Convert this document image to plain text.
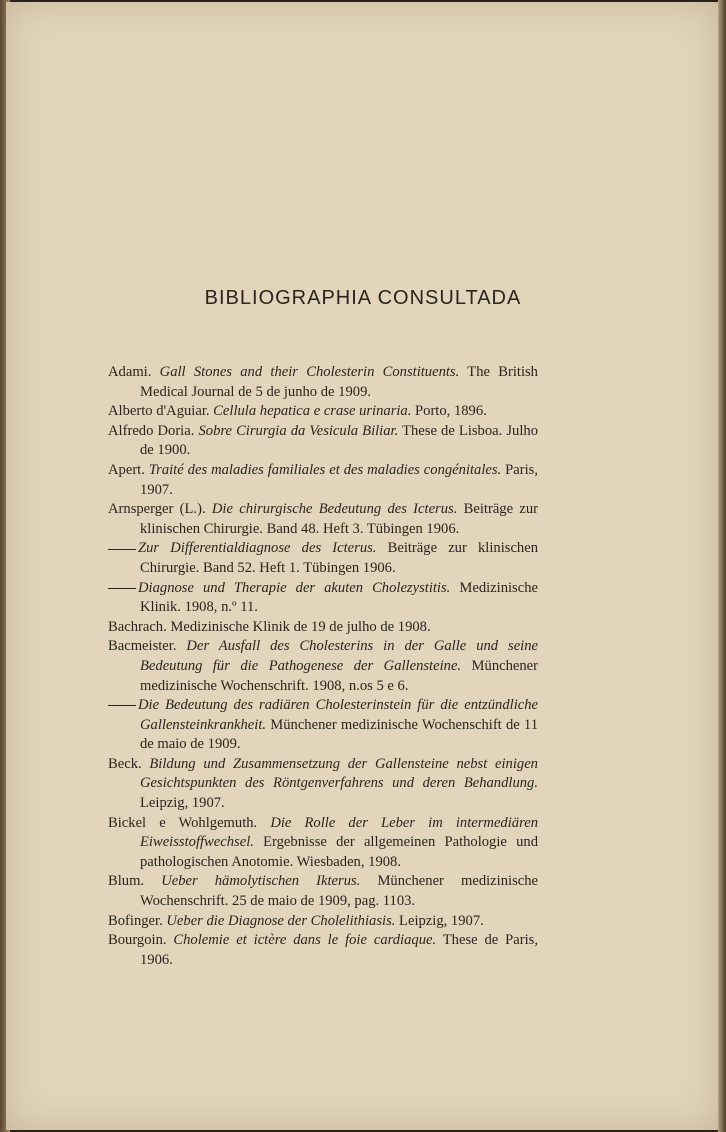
BIBLIOGRAPHIA CONSULTADA
Adami. Gall Stones and their Cholesterin Constituents. The British Medical Journal de 5 de junho de 1909.
Alberto d'Aguiar. Cellula hepatica e crase urinaria. Porto, 1896.
Alfredo Doria. Sobre Cirurgia da Vesicula Biliar. These de Lisboa. Julho de 1900.
Apert. Traité des maladies familiales et des maladies congénitales. Paris, 1907.
Arnsperger (L.). Die chirurgische Bedeutung des Icterus. Beiträge zur klinischen Chirurgie. Band 48. Heft 3. Tübingen 1906.
Zur Differentialdiagnose des Icterus. Beiträge zur klinischen Chirurgie. Band 52. Heft 1. Tübingen 1906.
Diagnose und Therapie der akuten Cholezystitis. Medizinische Klinik. 1908, n.º 11.
Bachrach. Medizinische Klinik de 19 de julho de 1908.
Bacmeister. Der Ausfall des Cholesterins in der Galle und seine Bedeutung für die Pathogenese der Gallensteine. Münchener medizinische Wochenschrift. 1908, n.os 5 e 6.
Die Bedeutung des radiären Cholesterinstein für die entzündliche Gallensteinkrankheit. Münchener medizinische Wochenschift de 11 de maio de 1909.
Beck. Bildung und Zusammensetzung der Gallensteine nebst einigen Gesichtspunkten des Röntgenverfahrens und deren Behandlung. Leipzig, 1907.
Bickel e Wohlgemuth. Die Rolle der Leber im intermediären Eiweisstoffwechsel. Ergebnisse der allgemeinen Pathologie und pathologischen Anotomie. Wiesbaden, 1908.
Blum. Ueber hämolytischen Ikterus. Münchener medizinische Wochenschrift. 25 de maio de 1909, pag. 1103.
Bofinger. Ueber die Diagnose der Cholelithiasis. Leipzig, 1907.
Bourgoin. Cholemie et ictère dans le foie cardiaque. These de Paris, 1906.
